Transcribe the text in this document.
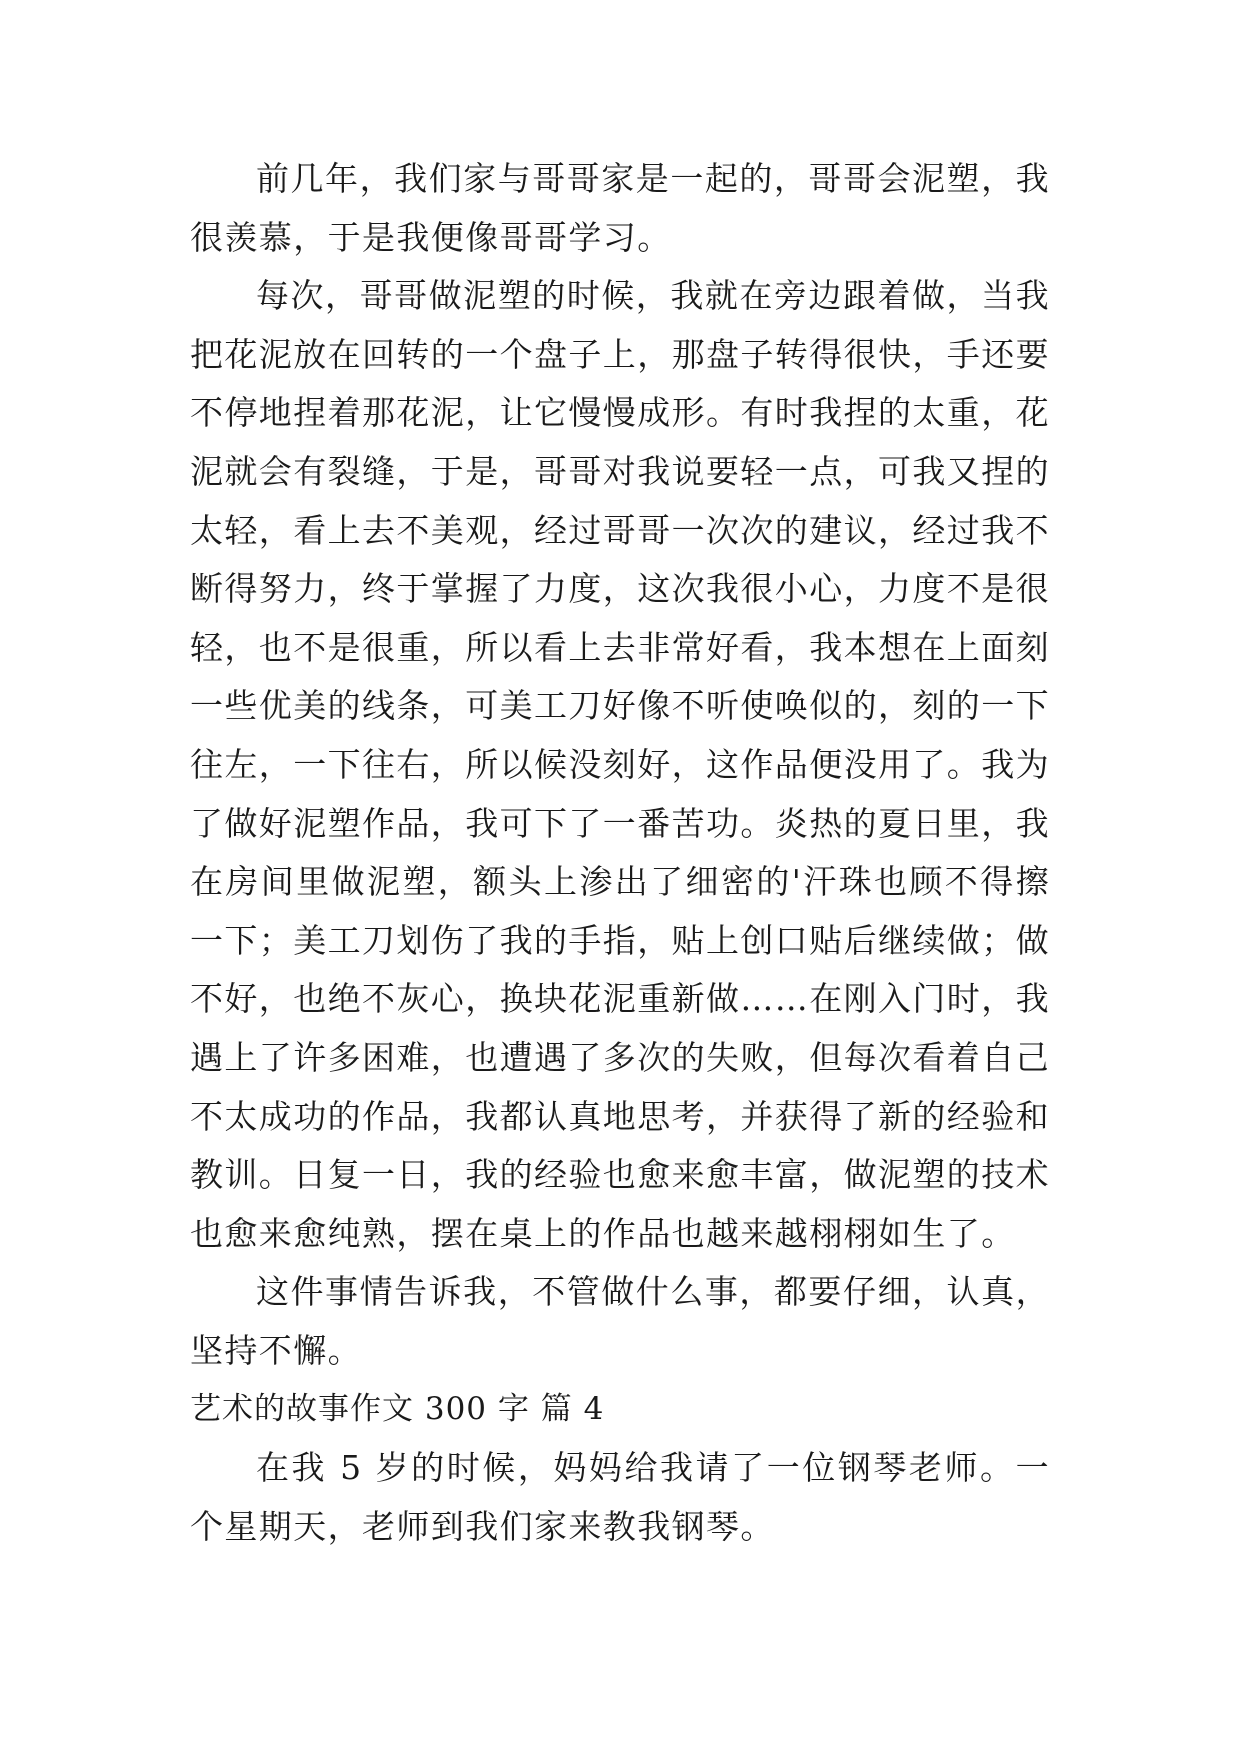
前几年，我们家与哥哥家是一起的，哥哥会泥塑，我很羡慕，于是我便像哥哥学习。

每次，哥哥做泥塑的时候，我就在旁边跟着做，当我把花泥放在回转的一个盘子上，那盘子转得很快，手还要不停地捏着那花泥，让它慢慢成形。有时我捏的太重，花泥就会有裂缝，于是，哥哥对我说要轻一点，可我又捏的太轻，看上去不美观，经过哥哥一次次的建议，经过我不断得努力，终于掌握了力度，这次我很小心，力度不是很轻，也不是很重，所以看上去非常好看，我本想在上面刻一些优美的线条，可美工刀好像不听使唤似的，刻的一下往左，一下往右，所以候没刻好，这作品便没用了。我为了做好泥塑作品，我可下了一番苦功。炎热的夏日里，我在房间里做泥塑，额头上渗出了细密的'汗珠也顾不得擦一下；美工刀划伤了我的手指，贴上创口贴后继续做；做不好，也绝不灰心，换块花泥重新做……在刚入门时，我遇上了许多困难，也遭遇了多次的失败，但每次看着自己不太成功的作品，我都认真地思考，并获得了新的经验和教训。日复一日，我的经验也愈来愈丰富，做泥塑的技术也愈来愈纯熟，摆在桌上的作品也越来越栩栩如生了。

这件事情告诉我，不管做什么事，都要仔细，认真，坚持不懈。

艺术的故事作文 300 字 篇 4

在我 5 岁的时候，妈妈给我请了一位钢琴老师。一个星期天，老师到我们家来教我钢琴。
